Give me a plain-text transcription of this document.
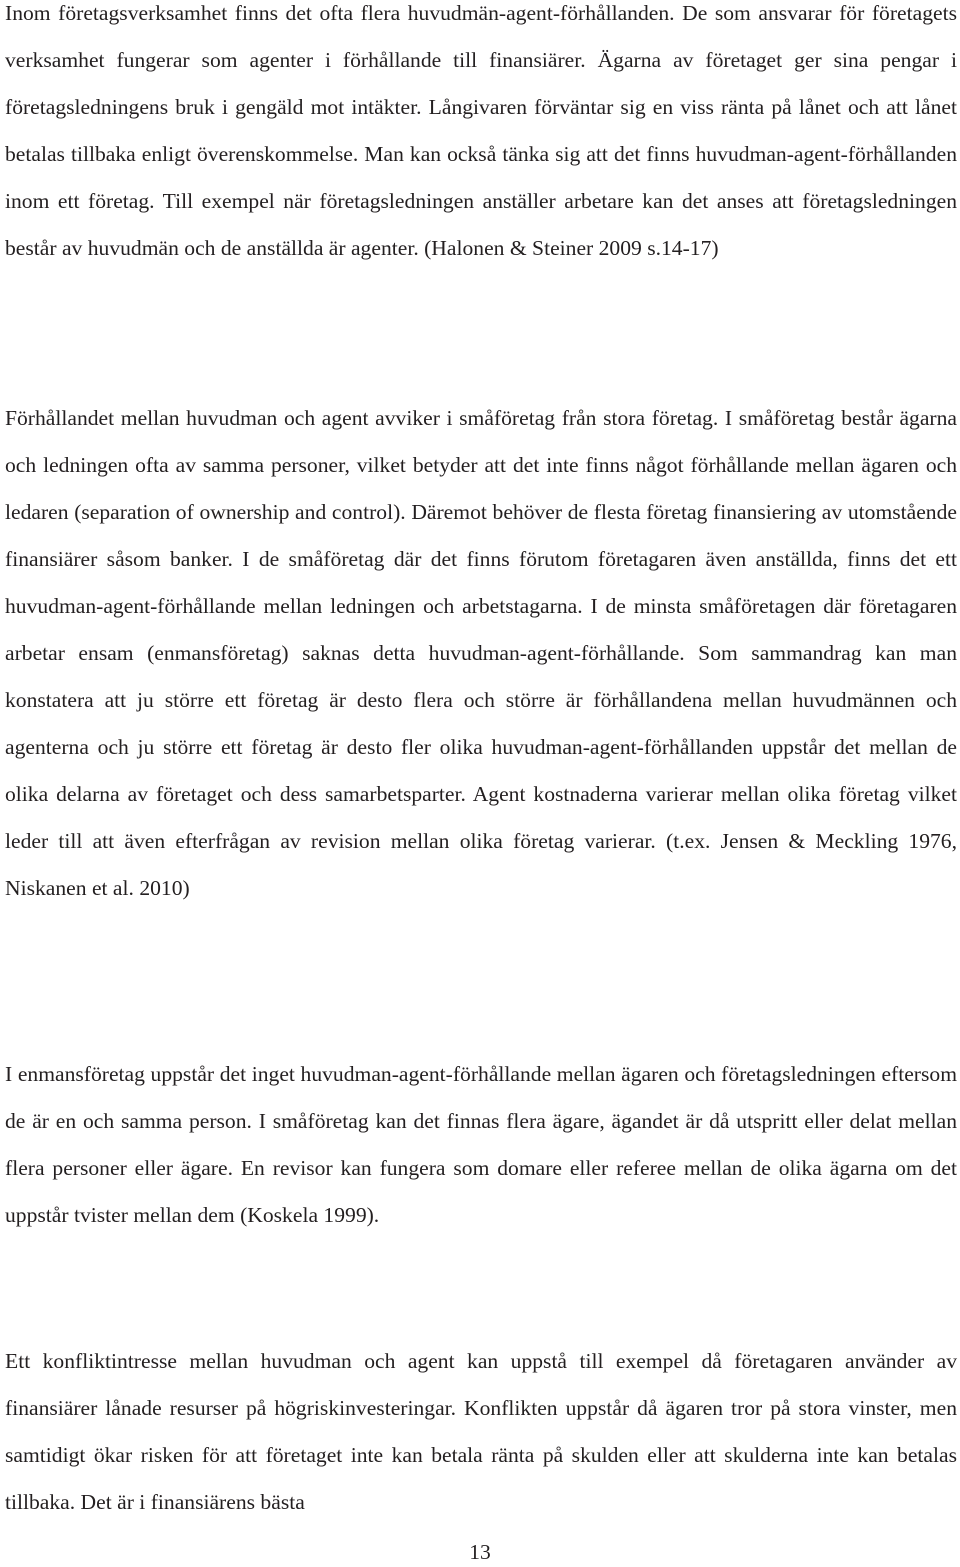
Inom företagsverksamhet finns det ofta flera huvudmän-agent-förhållanden. De som ansvarar för företagets verksamhet fungerar som agenter i förhållande till finansiärer. Ägarna av företaget ger sina pengar i företagsledningens bruk i gengäld mot intäkter. Långivaren förväntar sig en viss ränta på lånet och att lånet betalas tillbaka enligt överenskommelse. Man kan också tänka sig att det finns huvudman-agent-förhållanden inom ett företag. Till exempel när företagsledningen anställer arbetare kan det anses att företagsledningen består av huvudmän och de anställda är agenter. (Halonen & Steiner 2009 s.14-17)

Förhållandet mellan huvudman och agent avviker i småföretag från stora företag. I småföretag består ägarna och ledningen ofta av samma personer, vilket betyder att det inte finns något förhållande mellan ägaren och ledaren (separation of ownership and control). Däremot behöver de flesta företag finansiering av utomstående finansiärer såsom banker. I de småföretag där det finns förutom företagaren även anställda, finns det ett huvudman-agent-förhållande mellan ledningen och arbetstagarna. I de minsta småföretagen där företagaren arbetar ensam (enmansföretag) saknas detta huvudman-agent-förhållande. Som sammandrag kan man konstatera att ju större ett företag är desto flera och större är förhållandena mellan huvudmännen och agenterna och ju större ett företag är desto fler olika huvudman-agent-förhållanden uppstår det mellan de olika delarna av företaget och dess samarbetsparter. Agent kostnaderna varierar mellan olika företag vilket leder till att även efterfrågan av revision mellan olika företag varierar. (t.ex. Jensen & Meckling 1976, Niskanen et al. 2010)

I enmansföretag uppstår det inget huvudman-agent-förhållande mellan ägaren och företagsledningen eftersom de är en och samma person. I småföretag kan det finnas flera ägare, ägandet är då utspritt eller delat mellan flera personer eller ägare. En revisor kan fungera som domare eller referee mellan de olika ägarna om det uppstår tvister mellan dem (Koskela 1999).

Ett konfliktintresse mellan huvudman och agent kan uppstå till exempel då företagaren använder av finansiärer lånade resurser på högriskinvesteringar. Konflikten uppstår då ägaren tror på stora vinster, men samtidigt ökar risken för att företaget inte kan betala ränta på skulden eller att skulderna inte kan betalas tillbaka. Det är i finansiärens bästa

13
